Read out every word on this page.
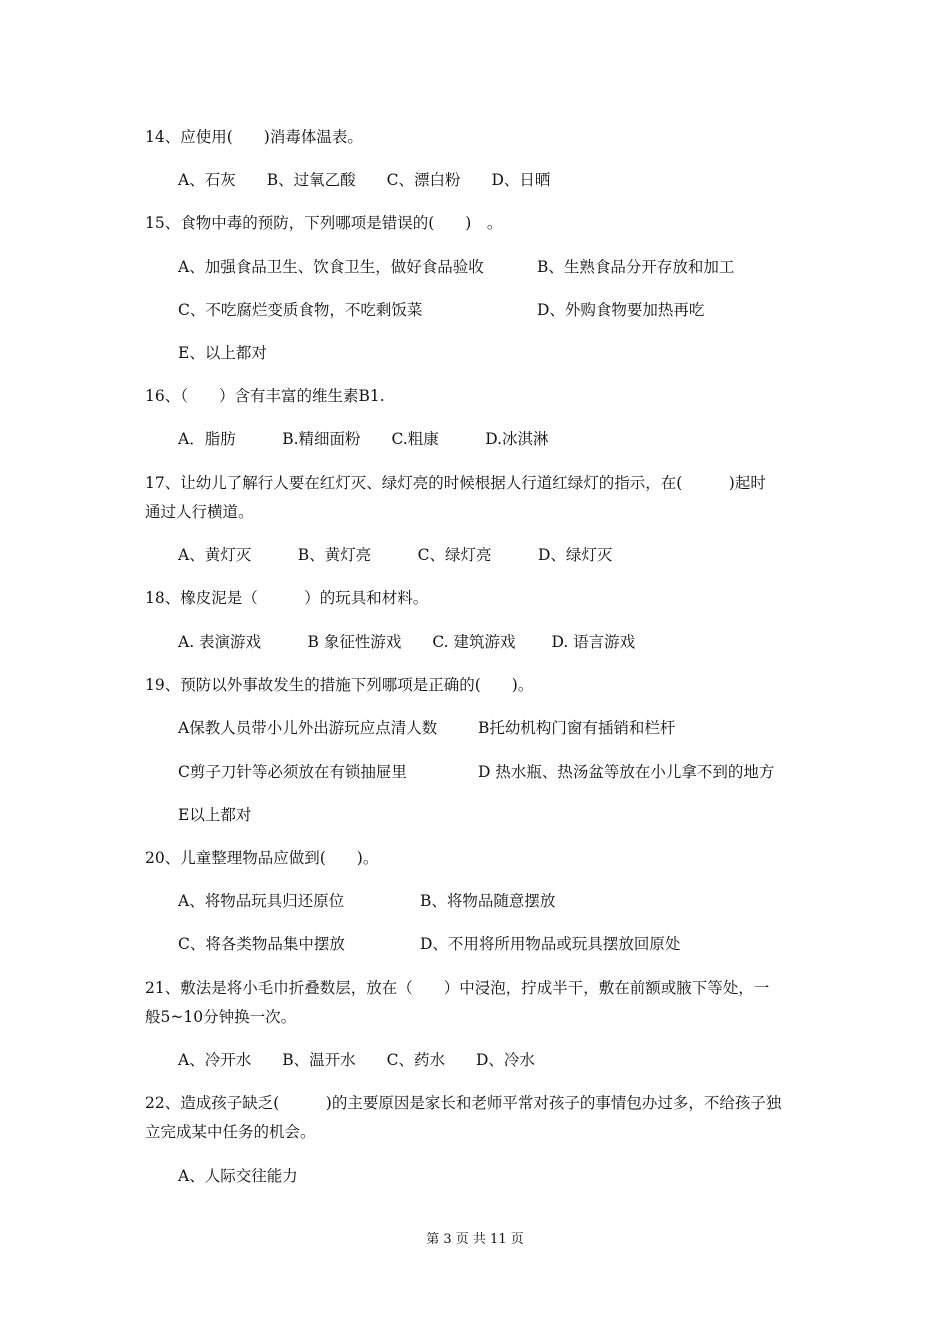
14、应使用(　　)消毒体温表。
A、石灰　　B、过氧乙酸　　C、漂白粉　　D、日晒
15、食物中毒的预防，下列哪项是错误的(　　)　。
A、加强食品卫生、饮食卫生，做好食品验收	B、生熟食品分开存放和加工
C、不吃腐烂变质食物，不吃剩饭菜	D、外购食物要加热再吃
E、以上都对
16、（　　）含有丰富的维生素B1.
A．脂肪　　　B.精细面粉　　C.粗康　　　D.冰淇淋
17、让幼儿了解行人要在红灯灭、绿灯亮的时候根据人行道红绿灯的指示，在(　　　)起时
通过人行横道。
A、黄灯灭　　　B、黄灯亮　　　C、绿灯亮　　　D、绿灯灭
18、橡皮泥是（　　　）的玩具和材料。
A. 表演游戏　　　B 象征性游戏　　C. 建筑游戏　　 D. 语言游戏
19、预防以外事故发生的措施下列哪项是正确的(　　)。
A保教人员带小儿外出游玩应点清人数	B托幼机构门窗有插销和栏杆
C剪子刀针等必须放在有锁抽屉里	D 热水瓶、热汤盆等放在小儿拿不到的地方
E以上都对
20、儿童整理物品应做到(　　)。
A、将物品玩具归还原位	B、将物品随意摆放
C、将各类物品集中摆放	D、不用将所用物品或玩具摆放回原处
21、敷法是将小毛巾折叠数层，放在（　　）中浸泡，拧成半干，敷在前额或腋下等处，一
般5~10分钟换一次。
A、冷开水　　B、温开水　　C、药水　　D、冷水
22、造成孩子缺乏(　　　)的主要原因是家长和老师平常对孩子的事情包办过多，不给孩子独
立完成某中任务的机会。
A、人际交往能力
第 3 页 共 11 页
